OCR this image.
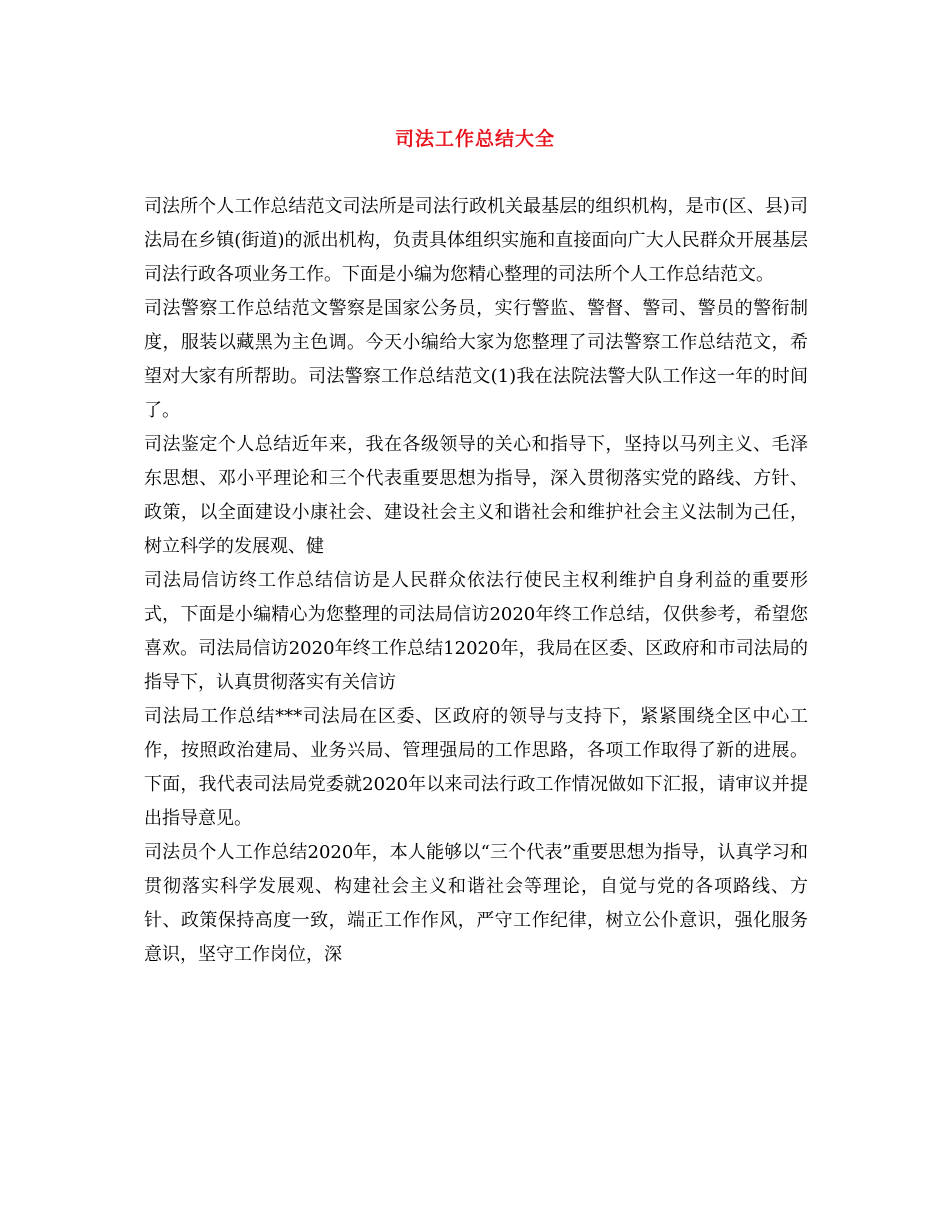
司法工作总结大全

司法所个人工作总结范文司法所是司法行政机关最基层的组织机构，是市(区、县)司法局在乡镇(街道)的派出机构，负责具体组织实施和直接面向广大人民群众开展基层司法行政各项业务工作。下面是小编为您精心整理的司法所个人工作总结范文。

司法警察工作总结范文警察是国家公务员，实行警监、警督、警司、警员的警衔制度，服装以藏黑为主色调。今天小编给大家为您整理了司法警察工作总结范文，希望对大家有所帮助。司法警察工作总结范文(1)我在法院法警大队工作这一年的时间了。

司法鉴定个人总结近年来，我在各级领导的关心和指导下，坚持以马列主义、毛泽东思想、邓小平理论和三个代表重要思想为指导，深入贯彻落实党的路线、方针、政策，以全面建设小康社会、建设社会主义和谐社会和维护社会主义法制为己任，树立科学的发展观、健

司法局信访终工作总结信访是人民群众依法行使民主权利维护自身利益的重要形式，下面是小编精心为您整理的司法局信访2020年终工作总结，仅供参考，希望您喜欢。司法局信访2020年终工作总结12020年，我局在区委、区政府和市司法局的指导下，认真贯彻落实有关信访

司法局工作总结***司法局在区委、区政府的领导与支持下，紧紧围绕全区中心工作，按照政治建局、业务兴局、管理强局的工作思路，各项工作取得了新的进展。下面，我代表司法局党委就2020年以来司法行政工作情况做如下汇报，请审议并提出指导意见。

司法员个人工作总结2020年，本人能够以“三个代表”重要思想为指导，认真学习和贯彻落实科学发展观、构建社会主义和谐社会等理论，自觉与党的各项路线、方针、政策保持高度一致，端正工作作风，严守工作纪律，树立公仆意识，强化服务意识，坚守工作岗位，深
